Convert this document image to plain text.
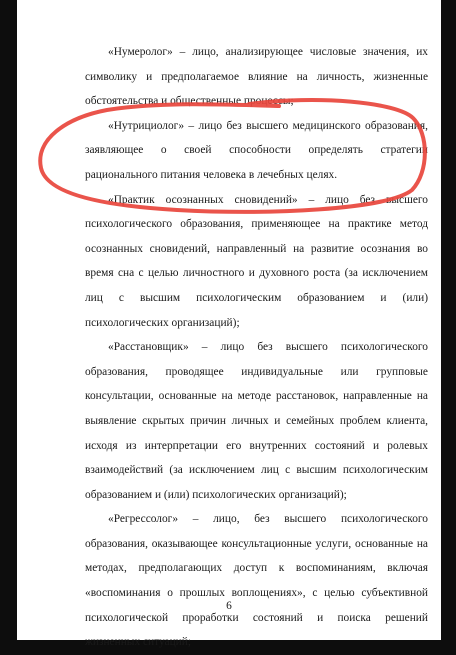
«Нумеролог» – лицо, анализирующее числовые значения, их символику и предполагаемое влияние на личность, жизненные обстоятельства и общественные процессы;

«Нутрициолог» – лицо без высшего медицинского образования, заявляющее о своей способности определять стратегии рационального питания человека в лечебных целях.

«Практик осознанных сновидений» – лицо без высшего психологического образования, применяющее на практике метод осознанных сновидений, направленный на развитие осознания во время сна с целью личностного и духовного роста (за исключением лиц с высшим психологическим образованием и (или) психологических организаций);

«Расстановщик» – лицо без высшего психологического образования, проводящее индивидуальные или групповые консультации, основанные на методе расстановок, направленные на выявление скрытых причин личных и семейных проблем клиента, исходя из интерпретации его внутренних состояний и ролевых взаимодействий (за исключением лиц с высшим психологическим образованием и (или) психологических организаций);

«Регрессолог» – лицо, без высшего психологического образования, оказывающее консультационные услуги, основанные на методах, предполагающих доступ к воспоминаниям, включая «воспоминания о прошлых воплощениях», с целью субъективной психологической проработки состояний и поиска решений жизненных ситуаций;

6
